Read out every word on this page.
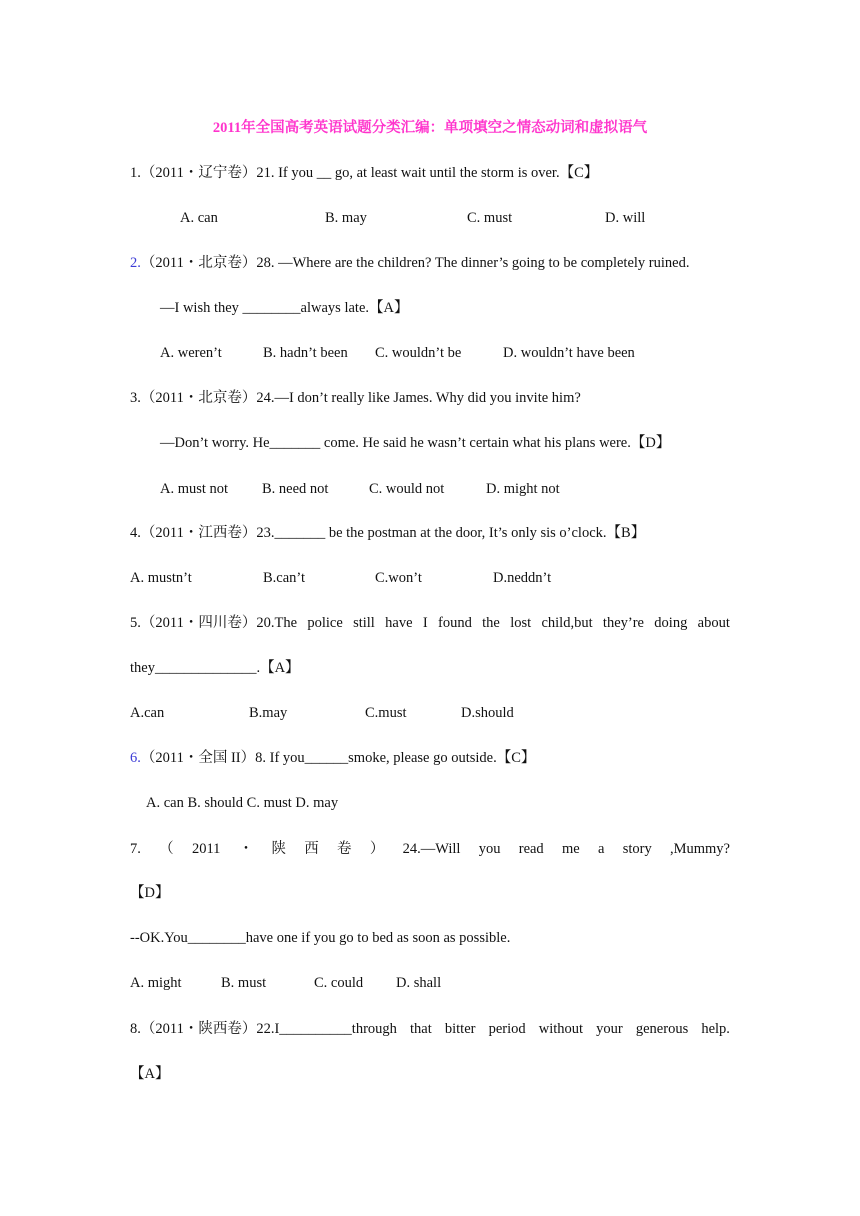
2011年全国高考英语试题分类汇编：单项填空之情态动词和虚拟语气
1.（2011・辽宁卷）21. If you __ go, at least wait until the storm is over.【C】
A. can	B. may	C. must	D. will
2.（2011・北京卷）28. —Where are the children? The dinner’s going to be completely ruined.
—I wish they ________always late.【A】
A. weren’t	B. hadn’t been C. wouldn’t be	D. wouldn’t have been
3.（2011・北京卷）24.—I don’t really like James. Why did you invite him?
—Don’t worry. He_______ come. He said he wasn’t certain what his plans were.【D】
A. must not B. need not	C. would not	D. might not
4.（2011・江西卷）23._______ be the postman at the door, It’s only sis o’clock.【B】
A. mustn’t	B.can’t	C.won’t	D.neddn’t
5.（2011・四川卷）20.The police still have I found the lost child,but they’re doing about
they______________.【A】
A.can	B.may	C.must	D.should
6.（2011・全国 II）8. If you______smoke, please go outside.【C】
A. can B. should C. must D. may
7. （ 2011 ・ 陕 西 卷 ） 24.—Will you read me a story ,Mummy?
【D】
--OK.You________have one if you go to bed as soon as possible.
A. might	B. must	C. could D. shall
8.（2011・陕西卷）22.I__________through that bitter period without your generous help.
【A】
